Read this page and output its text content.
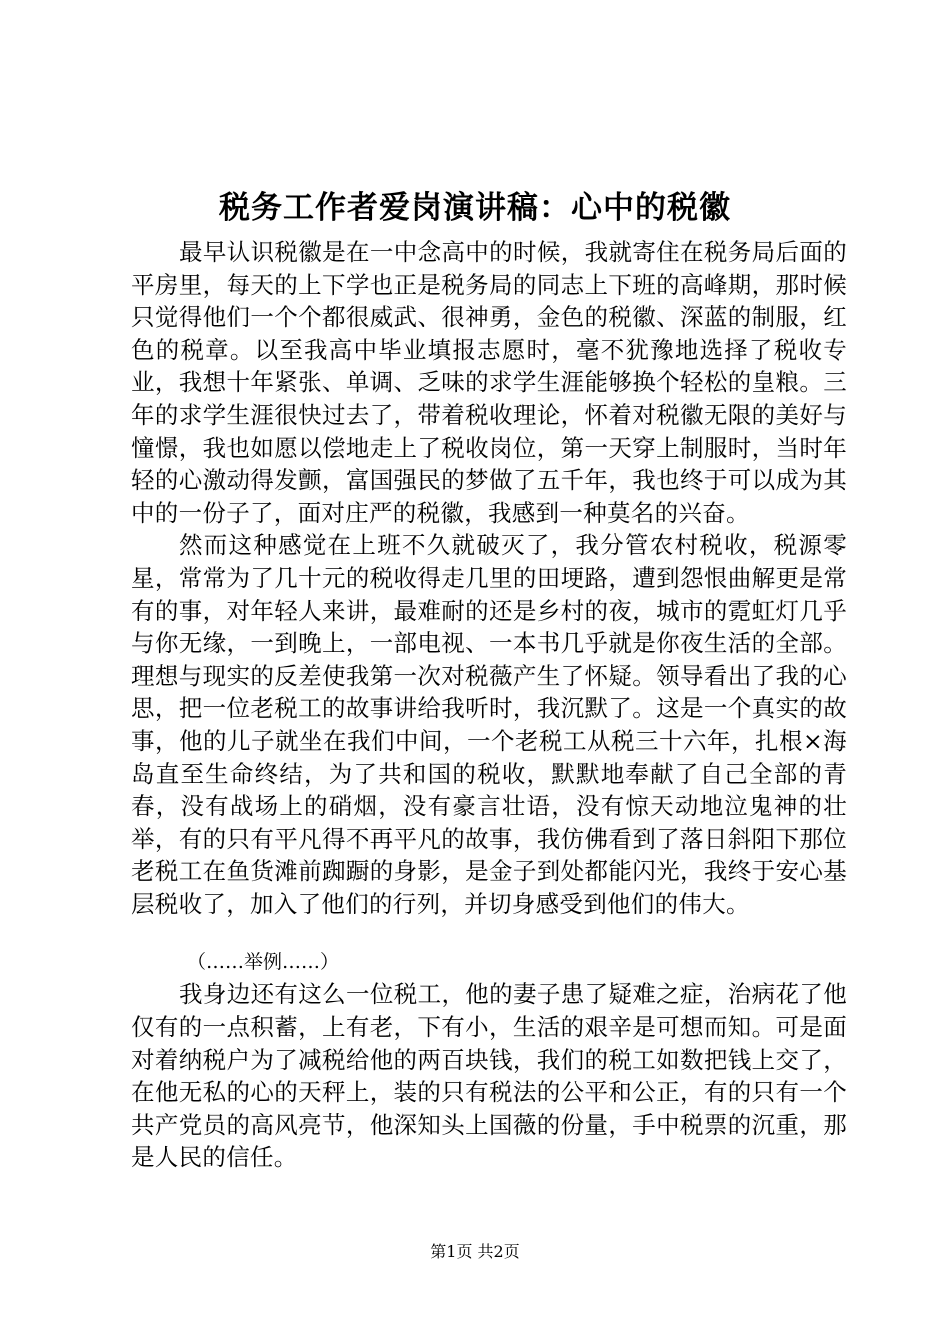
税务工作者爱岗演讲稿：心中的税徽

最早认识税徽是在一中念高中的时候，我就寄住在税务局后面的平房里，每天的上下学也正是税务局的同志上下班的高峰期，那时候只觉得他们一个个都很威武、很神勇，金色的税徽、深蓝的制服，红色的税章。以至我高中毕业填报志愿时，毫不犹豫地选择了税收专业，我想十年紧张、单调、乏味的求学生涯能够换个轻松的皇粮。三年的求学生涯很快过去了，带着税收理论，怀着对税徽无限的美好与憧憬，我也如愿以偿地走上了税收岗位，第一天穿上制服时，当时年轻的心激动得发颤，富国强民的梦做了五千年，我也终于可以成为其中的一份子了，面对庄严的税徽，我感到一种莫名的兴奋。

然而这种感觉在上班不久就破灭了，我分管农村税收，税源零星，常常为了几十元的税收得走几里的田埂路，遭到怨恨曲解更是常有的事，对年轻人来讲，最难耐的还是乡村的夜，城市的霓虹灯几乎与你无缘，一到晚上，一部电视、一本书几乎就是你夜生活的全部。理想与现实的反差使我第一次对税薇产生了怀疑。领导看出了我的心思，把一位老税工的故事讲给我听时，我沉默了。这是一个真实的故事，他的儿子就坐在我们中间，一个老税工从税三十六年，扎根×海岛直至生命终结，为了共和国的税收，默默地奉献了自己全部的青春，没有战场上的硝烟，没有豪言壮语，没有惊天动地泣鬼神的壮举，有的只有平凡得不再平凡的故事，我仿佛看到了落日斜阳下那位老税工在鱼货滩前踟蹰的身影，是金子到处都能闪光，我终于安心基层税收了，加入了他们的行列，并切身感受到他们的伟大。

（……举例……）

我身边还有这么一位税工，他的妻子患了疑难之症，治病花了他仅有的一点积蓄，上有老，下有小，生活的艰辛是可想而知。可是面对着纳税户为了减税给他的两百块钱，我们的税工如数把钱上交了，在他无私的心的天秤上，装的只有税法的公平和公正，有的只有一个共产党员的高风亮节，他深知头上国薇的份量，手中税票的沉重，那是人民的信任。

第1页 共2页
